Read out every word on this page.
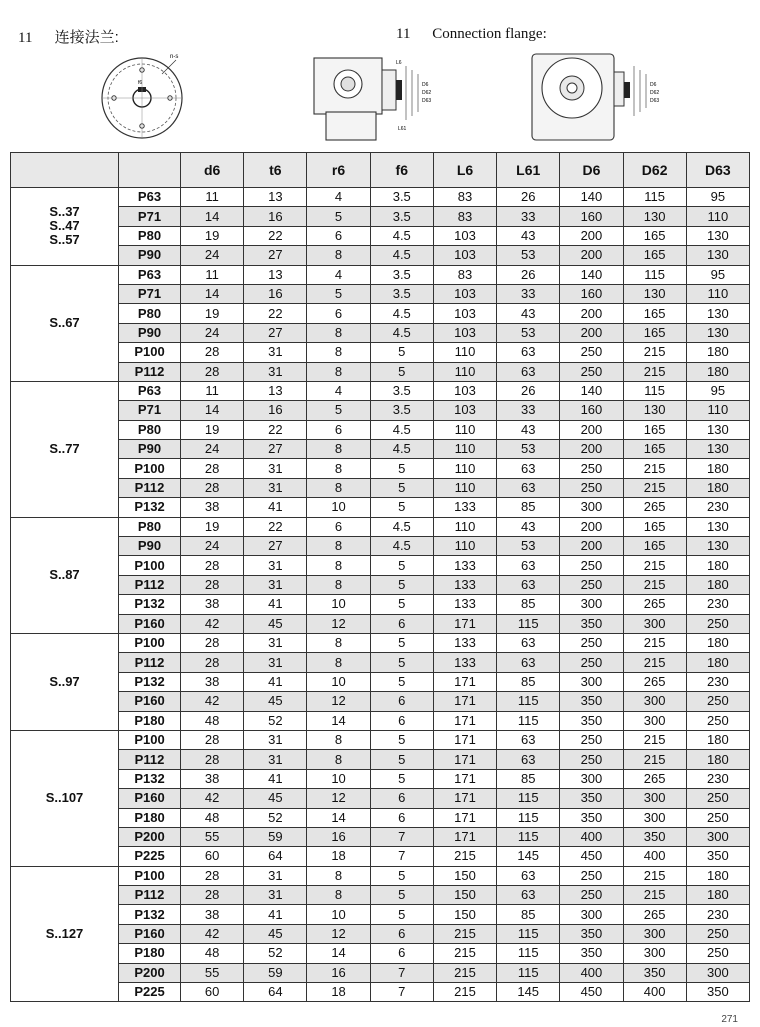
11 连接法兰:	11 Connection flange:
n-s
f6
L6
D6
D62
D63
L61
D6
D62
D63
		d6	t6	r6	f6	L6	L61	D6	D62	D63
S..37
S..47
S..57	P63	11	13	4	3.5	83	26	140	115	95
	P71	14	16	5	3.5	83	33	160	130	110
	P80	19	22	6	4.5	103	43	200	165	130
	P90	24	27	8	4.5	103	53	200	165	130
S..67	P63	11	13	4	3.5	83	26	140	115	95
	P71	14	16	5	3.5	103	33	160	130	110
	P80	19	22	6	4.5	103	43	200	165	130
	P90	24	27	8	4.5	103	53	200	165	130
	P100	28	31	8	5	110	63	250	215	180
	P112	28	31	8	5	110	63	250	215	180
S..77	P63	11	13	4	3.5	103	26	140	115	95
	P71	14	16	5	3.5	103	33	160	130	110
	P80	19	22	6	4.5	110	43	200	165	130
	P90	24	27	8	4.5	110	53	200	165	130
	P100	28	31	8	5	110	63	250	215	180
	P112	28	31	8	5	110	63	250	215	180
	P132	38	41	10	5	133	85	300	265	230
S..87	P80	19	22	6	4.5	110	43	200	165	130
	P90	24	27	8	4.5	110	53	200	165	130
	P100	28	31	8	5	133	63	250	215	180
	P112	28	31	8	5	133	63	250	215	180
	P132	38	41	10	5	133	85	300	265	230
	P160	42	45	12	6	171	115	350	300	250
S..97	P100	28	31	8	5	133	63	250	215	180
	P112	28	31	8	5	133	63	250	215	180
	P132	38	41	10	5	171	85	300	265	230
	P160	42	45	12	6	171	115	350	300	250
	P180	48	52	14	6	171	115	350	300	250
S..107	P100	28	31	8	5	171	63	250	215	180
	P112	28	31	8	5	171	63	250	215	180
	P132	38	41	10	5	171	85	300	265	230
	P160	42	45	12	6	171	115	350	300	250
	P180	48	52	14	6	171	115	350	300	250
	P200	55	59	16	7	171	115	400	350	300
	P225	60	64	18	7	215	145	450	400	350
S..127	P100	28	31	8	5	150	63	250	215	180
	P112	28	31	8	5	150	63	250	215	180
	P132	38	41	10	5	150	85	300	265	230
	P160	42	45	12	6	215	115	350	300	250
	P180	48	52	14	6	215	115	350	300	250
	P200	55	59	16	7	215	115	400	350	300
	P225	60	64	18	7	215	145	450	400	350
271
